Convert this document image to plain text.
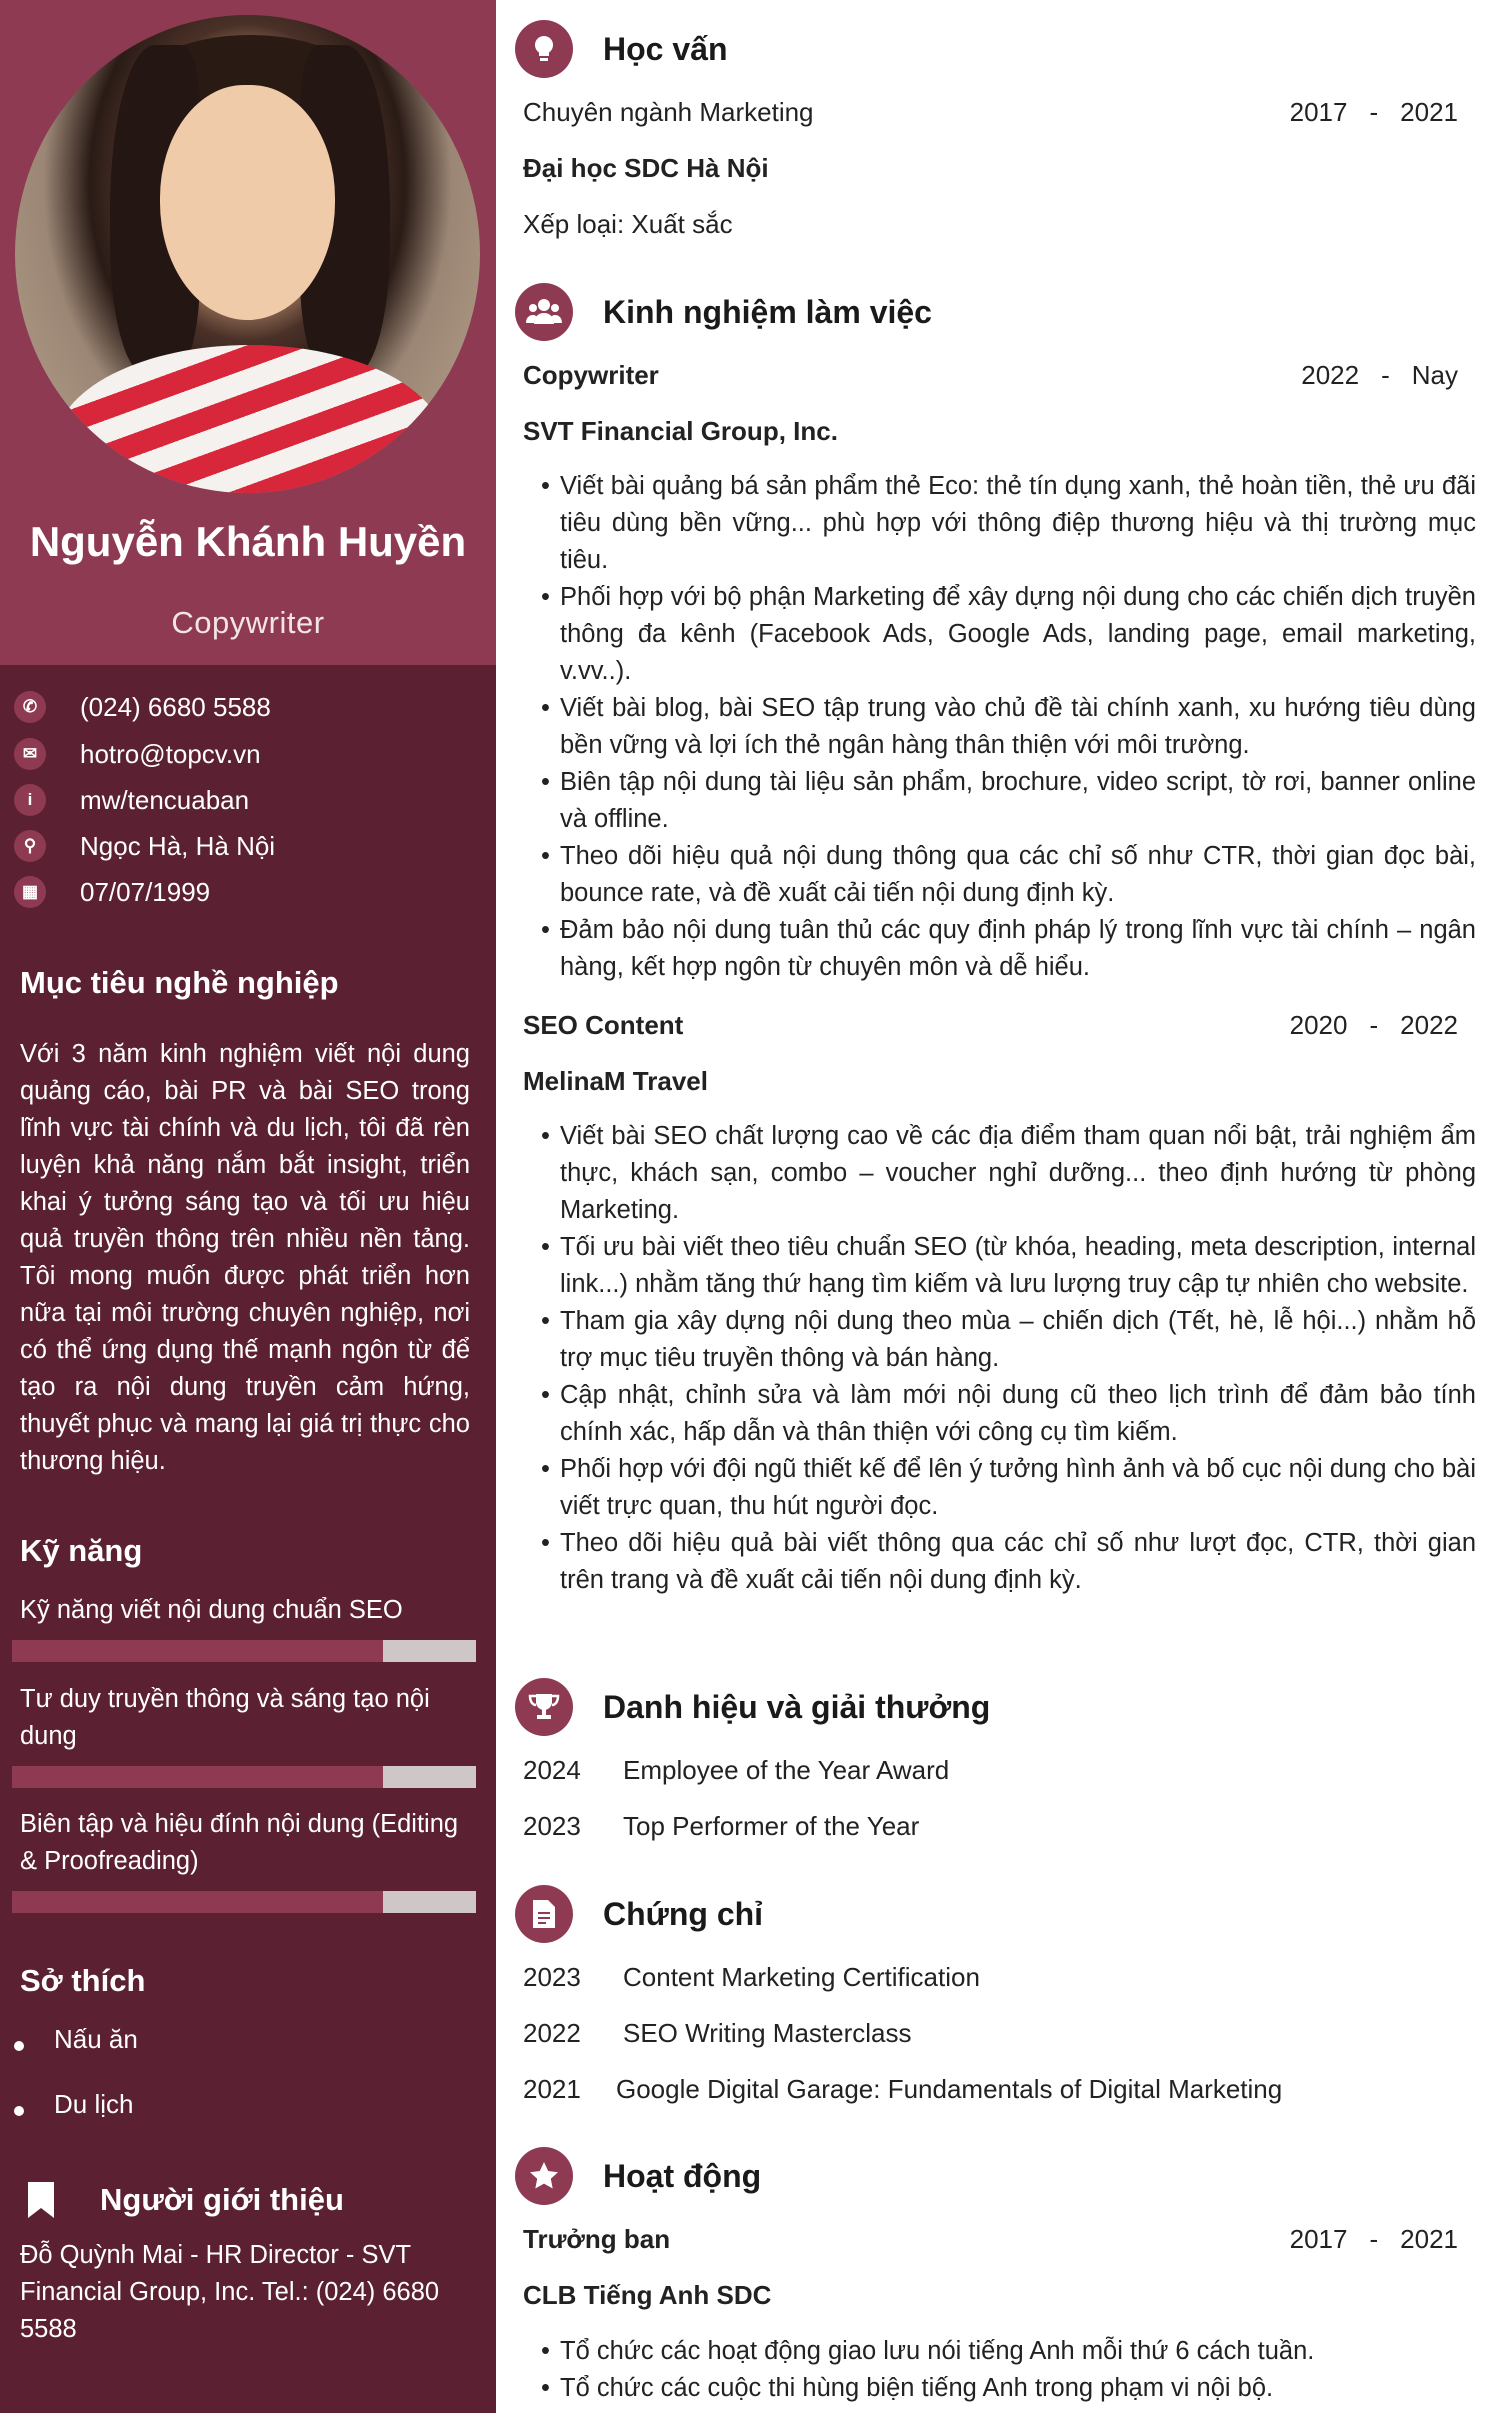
Nguyễn Khánh Huyền
Copywriter
✆	(024) 6680 5588
✉	hotro@topcv.vn
i	mw/tencuaban
⚲	Ngọc Hà, Hà Nội
▦	07/07/1999
Mục tiêu nghề nghiệp
Với 3 năm kinh nghiệm viết nội dung quảng cáo, bài PR và bài SEO trong lĩnh vực tài chính và du lịch, tôi đã rèn luyện khả năng nắm bắt insight, triển khai ý tưởng sáng tạo và tối ưu hiệu quả truyền thông trên nhiều nền tảng. Tôi mong muốn được phát triển hơn nữa tại môi trường chuyên nghiệp, nơi có thể ứng dụng thế mạnh ngôn từ để tạo ra nội dung truyền cảm hứng, thuyết phục và mang lại giá trị thực cho thương hiệu.
Kỹ năng
Kỹ năng viết nội dung chuẩn SEO
Tư duy truyền thông và sáng tạo nội dung
Biên tập và hiệu đính nội dung (Editing & Proofreading)
Sở thích
Nấu ăn
Du lịch
Người giới thiệu
Đỗ Quỳnh Mai - HR Director - SVT Financial Group, Inc. Tel.: (024) 6680 5588
Học vấn
Chuyên ngành Marketing	2017 - 2021
Đại học SDC Hà Nội
Xếp loại: Xuất sắc
Kinh nghiệm làm việc
Copywriter	2022 - Nay
SVT Financial Group, Inc.
• Viết bài quảng bá sản phẩm thẻ Eco: thẻ tín dụng xanh, thẻ hoàn tiền, thẻ ưu đãi tiêu dùng bền vững... phù hợp với thông điệp thương hiệu và thị trường mục tiêu.
• Phối hợp với bộ phận Marketing để xây dựng nội dung cho các chiến dịch truyền thông đa kênh (Facebook Ads, Google Ads, landing page, email marketing, v.vv..).
• Viết bài blog, bài SEO tập trung vào chủ đề tài chính xanh, xu hướng tiêu dùng bền vững và lợi ích thẻ ngân hàng thân thiện với môi trường.
• Biên tập nội dung tài liệu sản phẩm, brochure, video script, tờ rơi, banner online và offline.
• Theo dõi hiệu quả nội dung thông qua các chỉ số như CTR, thời gian đọc bài, bounce rate, và đề xuất cải tiến nội dung định kỳ.
• Đảm bảo nội dung tuân thủ các quy định pháp lý trong lĩnh vực tài chính – ngân hàng, kết hợp ngôn từ chuyên môn và dễ hiểu.
SEO Content	2020 - 2022
MelinaM Travel
• Viết bài SEO chất lượng cao về các địa điểm tham quan nổi bật, trải nghiệm ẩm thực, khách sạn, combo – voucher nghỉ dưỡng... theo định hướng từ phòng Marketing.
• Tối ưu bài viết theo tiêu chuẩn SEO (từ khóa, heading, meta description, internal link...) nhằm tăng thứ hạng tìm kiếm và lưu lượng truy cập tự nhiên cho website.
• Tham gia xây dựng nội dung theo mùa – chiến dịch (Tết, hè, lễ hội...) nhằm hỗ trợ mục tiêu truyền thông và bán hàng.
• Cập nhật, chỉnh sửa và làm mới nội dung cũ theo lịch trình để đảm bảo tính chính xác, hấp dẫn và thân thiện với công cụ tìm kiếm.
• Phối hợp với đội ngũ thiết kế để lên ý tưởng hình ảnh và bố cục nội dung cho bài viết trực quan, thu hút người đọc.
• Theo dõi hiệu quả bài viết thông qua các chỉ số như lượt đọc, CTR, thời gian trên trang và đề xuất cải tiến nội dung định kỳ.
Danh hiệu và giải thưởng
2024	Employee of the Year Award
2023	Top Performer of the Year
Chứng chỉ
2023	Content Marketing Certification
2022	SEO Writing Masterclass
2021	Google Digital Garage: Fundamentals of Digital Marketing
Hoạt động
Trưởng ban	2017 - 2021
CLB Tiếng Anh SDC
• Tổ chức các hoạt động giao lưu nói tiếng Anh mỗi thứ 6 cách tuần.
• Tổ chức các cuộc thi hùng biện tiếng Anh trong phạm vi nội bộ.
